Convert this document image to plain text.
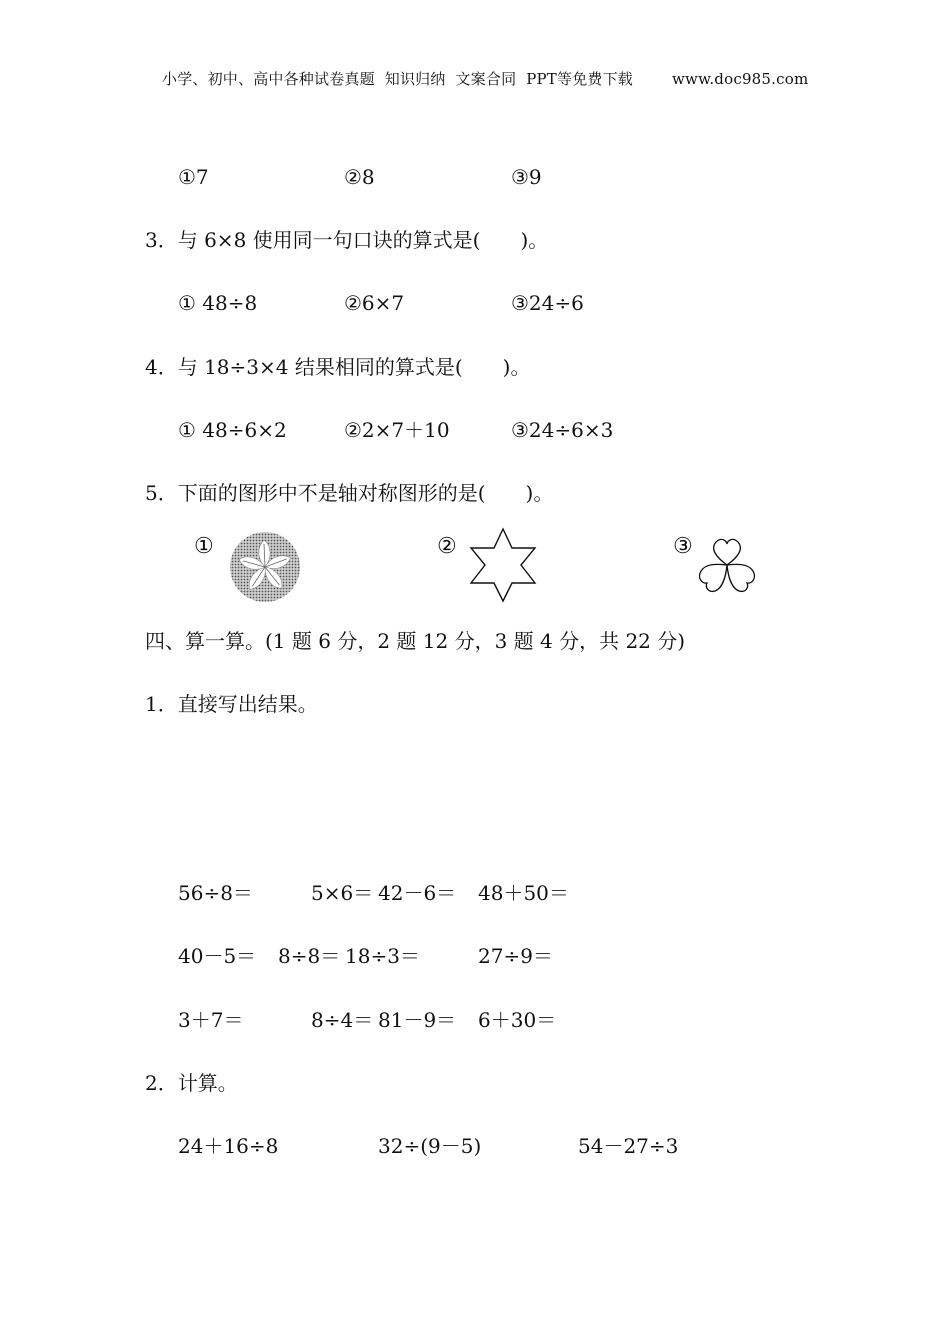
小学、初中、高中各种试卷真题  知识归纳  文案合同  PPT等免费下载	www.doc985.com
①7	②8	③9
3．与 6×8 使用同一句口诀的算式是(　　)。
① 48÷8	②6×7	③24÷6
4．与 18÷3×4 结果相同的算式是(　　)。
① 48÷6×2	②2×7＋10	③24÷6×3
5．下面的图形中不是轴对称图形的是(　　)。
①	②	③
四、算一算。(1 题 6 分，2 题 12 分，3 题 4 分，共 22 分)
1．直接写出结果。
56÷8＝	5×6＝ 42－6＝ 48＋50＝
40－5＝ 8÷8＝ 18÷3＝	27÷9＝
3＋7＝	8÷4＝ 81－9＝ 6＋30＝
2．计算。
24＋16÷8	32÷(9－5)	54－27÷3
